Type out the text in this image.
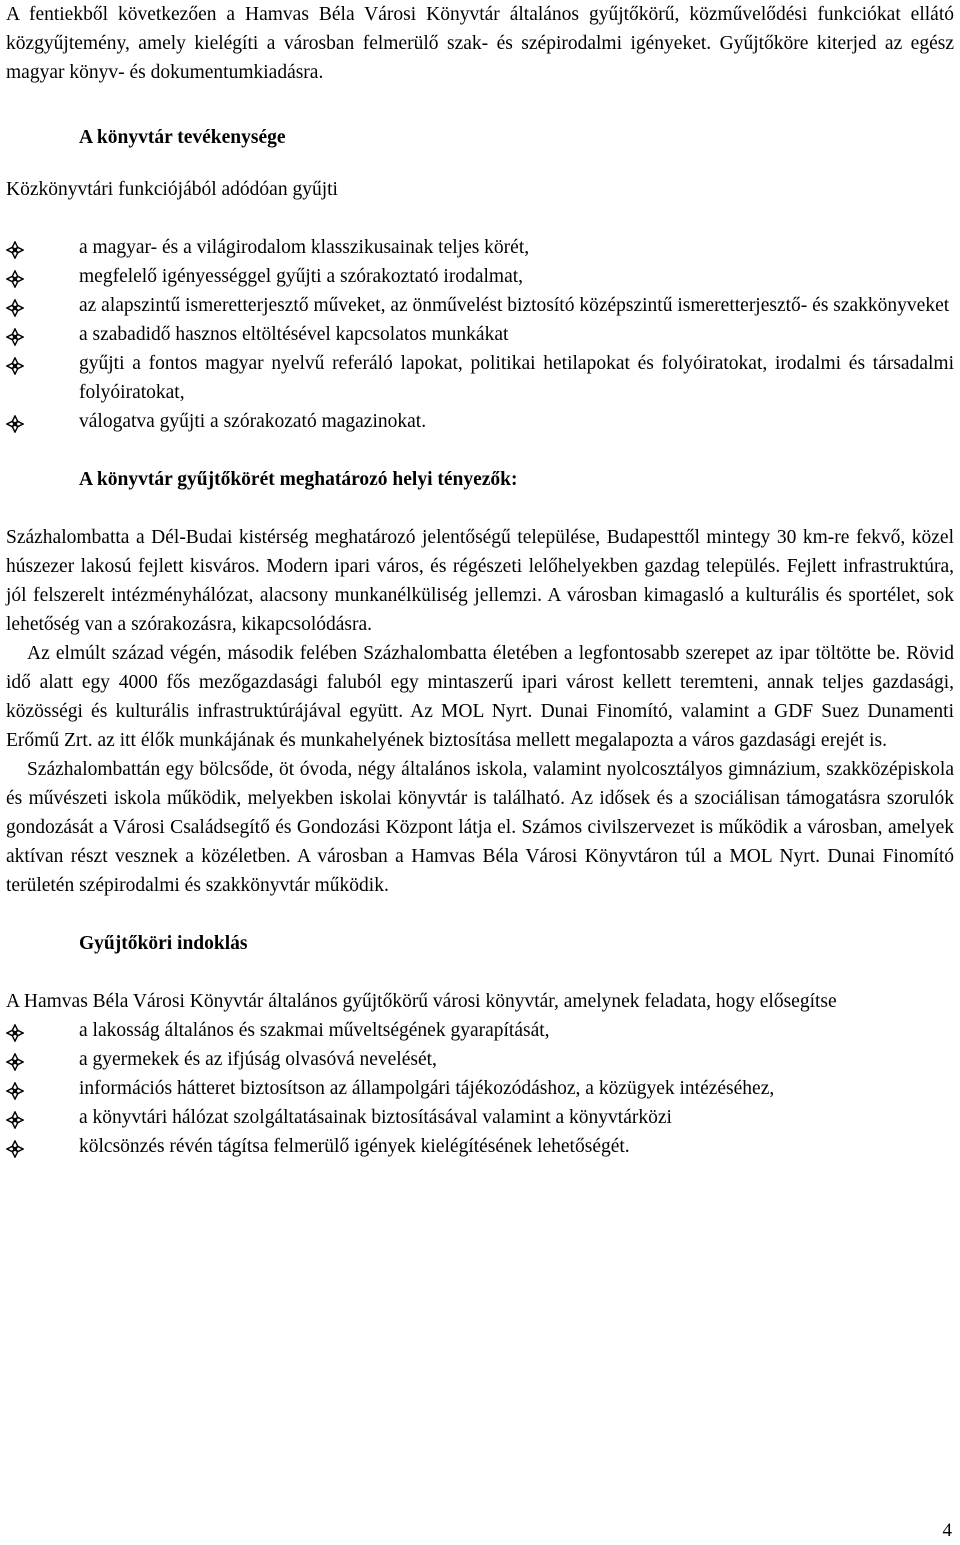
A fentiekből következően a Hamvas Béla Városi Könyvtár általános gyűjtőkörű, közművelődési funkciókat ellátó közgyűjtemény, amely kielégíti a városban felmerülő szak- és szépirodalmi igényeket. Gyűjtőköre kiterjed az egész magyar könyv- és dokumentumkiadásra.

A könyvtár tevékenysége

Közkönyvtári funkciójából adódóan gyűjti

a magyar- és a világirodalom klasszikusainak teljes körét,
megfelelő igényességgel gyűjti a szórakoztató irodalmat,
az alapszintű ismeretterjesztő műveket, az önművelést biztosító középszintű ismeretterjesztő- és szakkönyveket
a szabadidő hasznos eltöltésével kapcsolatos munkákat
gyűjti a fontos magyar nyelvű referáló lapokat, politikai hetilapokat és folyóiratokat, irodalmi és társadalmi folyóiratokat,
válogatva gyűjti a szórakozató magazinokat.

A könyvtár gyűjtőkörét meghatározó helyi tényezők:

Százhalombatta a Dél-Budai kistérség meghatározó jelentőségű települése, Budapesttől mintegy 30 km-re fekvő, közel húszezer lakosú fejlett kisváros. Modern ipari város, és régészeti lelőhelyekben gazdag település. Fejlett infrastruktúra, jól felszerelt intézményhálózat, alacsony munkanélküliség jellemzi. A városban kimagasló a kulturális és sportélet, sok lehetőség van a szórakozásra, kikapcsolódásra.

Az elmúlt század végén, második felében Százhalombatta életében a legfontosabb szerepet az ipar töltötte be. Rövid idő alatt egy 4000 fős mezőgazdasági faluból egy mintaszerű ipari várost kellett teremteni, annak teljes gazdasági, közösségi és kulturális infrastruktúrájával együtt. Az MOL Nyrt. Dunai Finomító, valamint a GDF Suez Dunamenti Erőmű Zrt. az itt élők munkájának és munkahelyének biztosítása mellett megalapozta a város gazdasági erejét is.

Százhalombattán egy bölcsőde, öt óvoda, négy általános iskola, valamint nyolcosztályos gimnázium, szakközépiskola és művészeti iskola működik, melyekben iskolai könyvtár is található. Az idősek és a szociálisan támogatásra szorulók gondozását a Városi Családsegítő és Gondozási Központ látja el. Számos civilszervezet is működik a városban, amelyek aktívan részt vesznek a közéletben. A városban a Hamvas Béla Városi Könyvtáron túl a MOL Nyrt. Dunai Finomító területén szépirodalmi és szakkönyvtár működik.

Gyűjtőköri indoklás

A Hamvas Béla Városi Könyvtár általános gyűjtőkörű városi könyvtár, amelynek feladata, hogy elősegítse

a lakosság általános és szakmai műveltségének gyarapítását,
a gyermekek és az ifjúság olvasóvá nevelését,
információs hátteret biztosítson az állampolgári tájékozódáshoz, a közügyek intézéséhez,
a könyvtári hálózat szolgáltatásainak biztosításával valamint a könyvtárközi
kölcsönzés révén tágítsa felmerülő igények kielégítésének lehetőségét.
4
